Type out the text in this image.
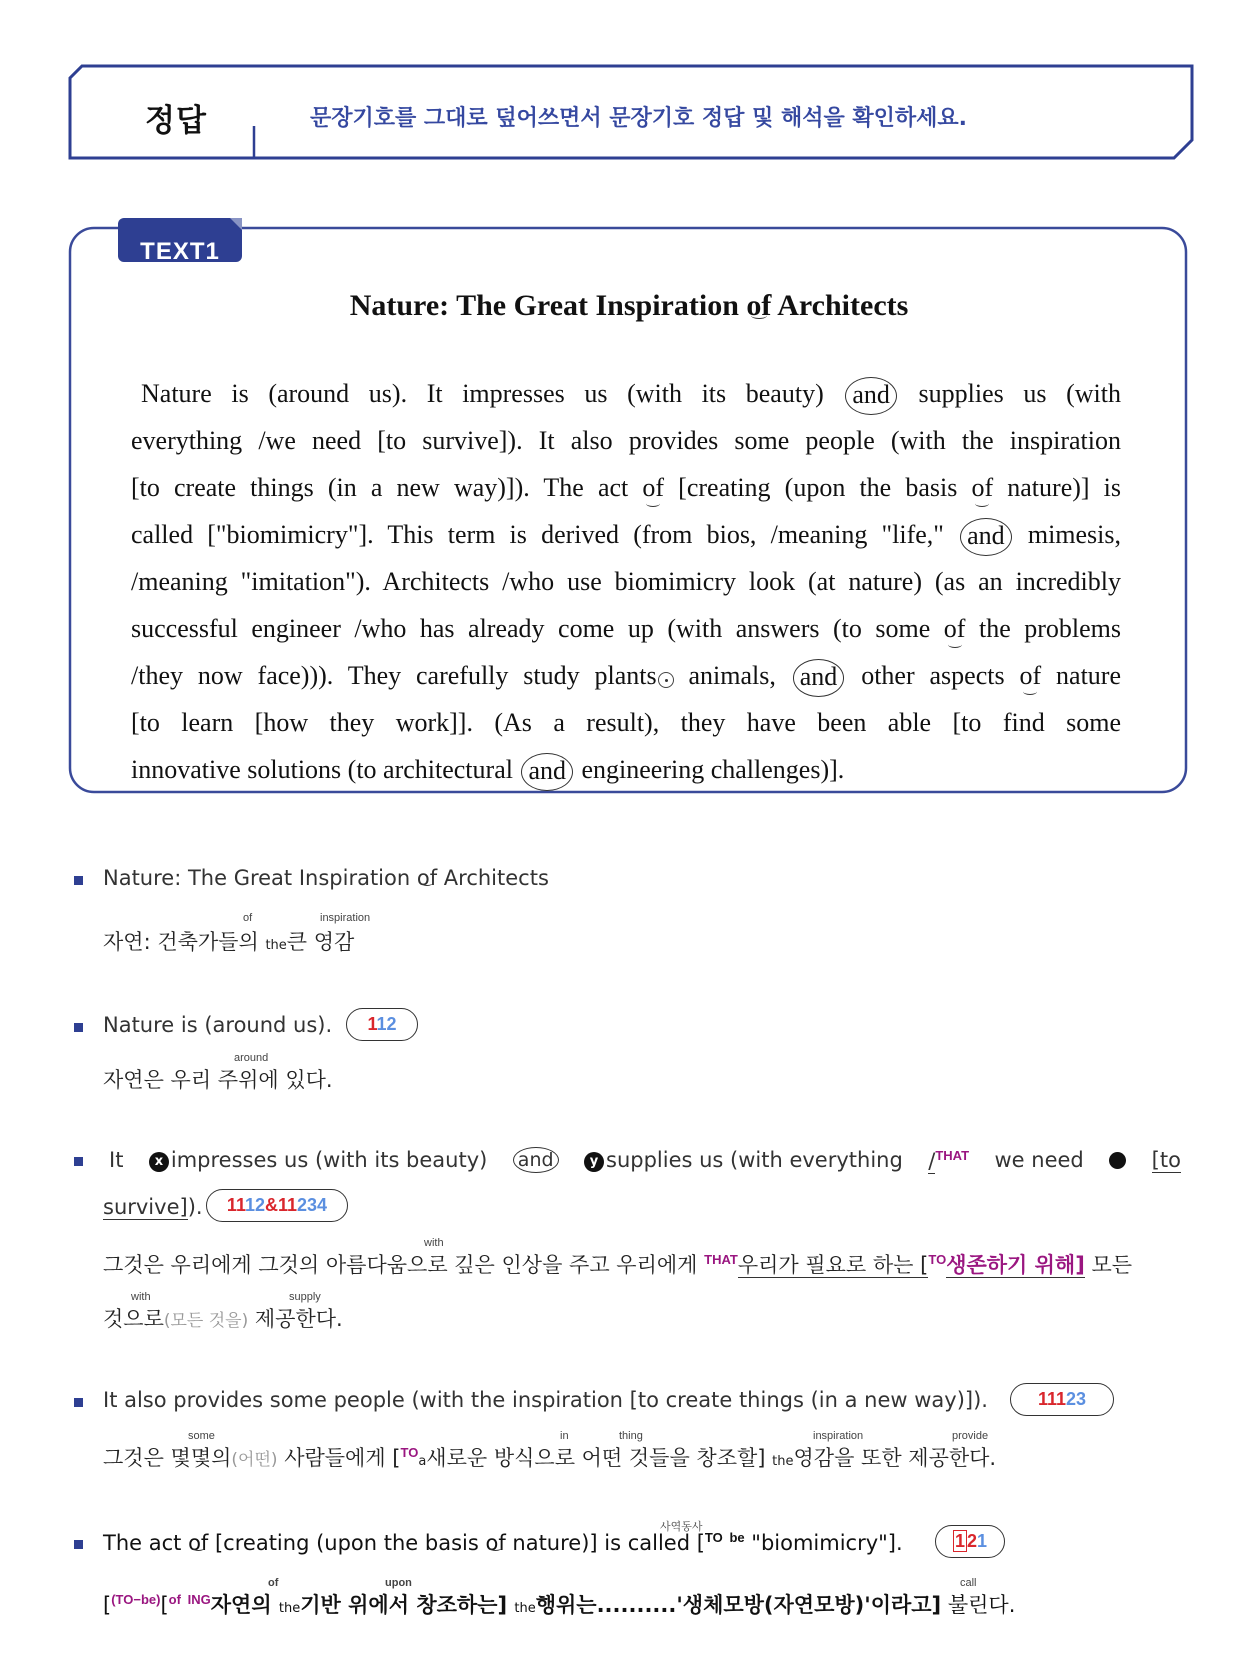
정답	문장기호를 그대로 덮어쓰면서 문장기호 정답 및 해석을 확인하세요.
TEXT1
Nature: The Great Inspiration of Architects
Nature is (around us). It impresses us (with its beauty) and supplies us (with
everything /we need [to survive]). It also provides some people (with the inspiration
[to create things (in a new way)]). The act of [creating (upon the basis of nature)] is
called ["biomimicry"]. This term is derived (from bios, /meaning "life," and mimesis,
/meaning "imitation"). Architects /who use biomimicry look (at nature) (as an incredibly
successful engineer /who has already come up (with answers (to some of the problems
/they now face))). They carefully study plants animals, and other aspects of nature
[to learn [how they work]]. (As a result), they have been able [to find some
innovative solutions (to architectural and engineering challenges)].
Nature: The Great Inspiration of Architects
of	inspiration
자연: 건축가들의 the큰 영감
Nature is (around us).	112
around
자연은 우리 주위에 있다.
It	x impresses us (with its beauty) and	y supplies us (with everything /$^{THAT}$ we need	[to
survive]).	1112&11234
with
그것은 우리에게 그것의 아름다움으로 깊은 인상을 주고 우리에게 $^{THAT}$우리가 필요로 하는 [$^{TO}$생존하기 위해] 모든
with	supply
것으로(모든 것을) 제공한다.
It also provides some people (with the inspiration [to create things (in a new way)]).	11123
some	in	thing	inspiration	provide
그것은 몇몇의(어떤) 사람들에게 [$^{TO}$a새로운 방식으로 어떤 것들을 창조할] the영감을 또한 제공한다.
사역동사
The act of [creating (upon the basis of nature)] is called [$^{TO}$ $^{be}$ "biomimicry"].	1 21
of	upon	call
[$^{(TO-be)}$[$^{of}$ $^{ING}$자연의 the기반 위에서 창조하는] the행위는..........'생체모방(자연모방)'이라고] 불린다.
